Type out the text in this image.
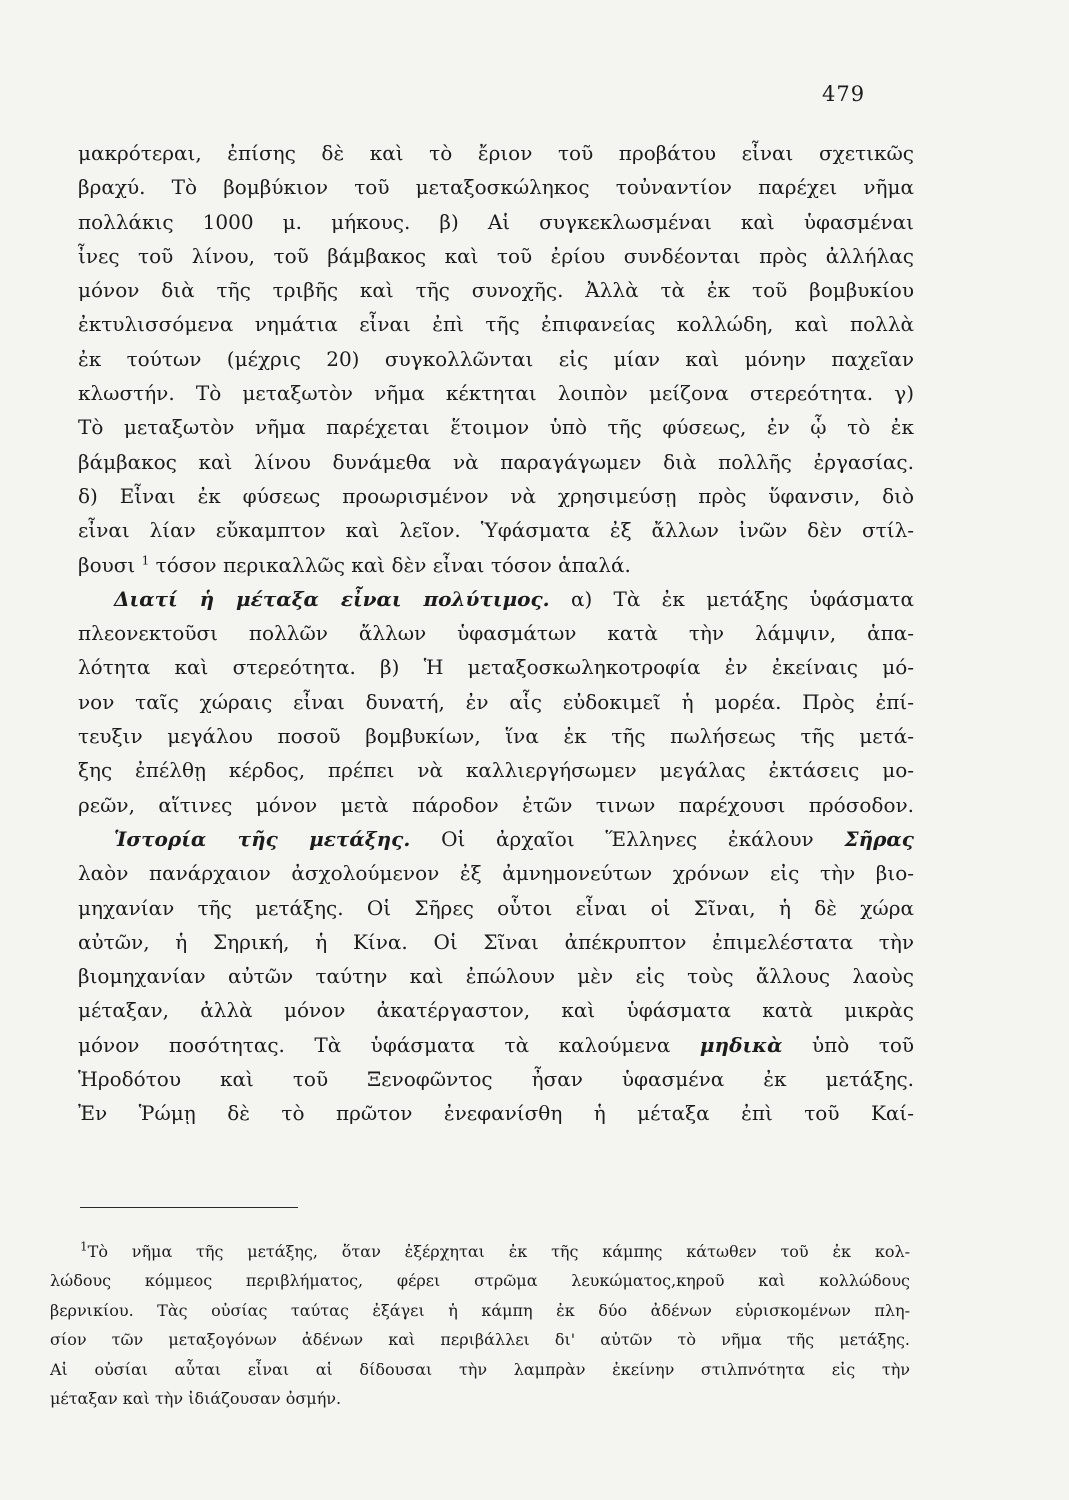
479
μακρότεραι, ἐπίσης δὲ καὶ τὸ ἔριον τοῦ προβάτου εἶναι σχετικῶς
βραχύ. Τὸ βομβύκιον τοῦ μεταξοσκώληκος τοὐναντίον παρέχει νῆμα
πολλάκις 1000 μ. μήκους. β) Αἱ συγκεκλωσμέναι καὶ ὑφασμέναι
ἶνες τοῦ λίνου, τοῦ βάμβακος καὶ τοῦ ἐρίου συνδέονται πρὸς ἀλλήλας
μόνον διὰ τῆς τριβῆς καὶ τῆς συνοχῆς. Ἀλλὰ τὰ ἐκ τοῦ βομβυκίου
ἐκτυλισσόμενα νημάτια εἶναι ἐπὶ τῆς ἐπιφανείας κολλώδη, καὶ πολλὰ
ἐκ τούτων (μέχρις 20) συγκολλῶνται εἰς μίαν καὶ μόνην παχεῖαν
κλωστήν. Τὸ μεταξωτὸν νῆμα κέκτηται λοιπὸν μείζονα στερεότητα. γ)
Τὸ μεταξωτὸν νῆμα παρέχεται ἕτοιμον ὑπὸ τῆς φύσεως, ἐν ᾧ τὸ ἐκ
βάμβακος καὶ λίνου δυνάμεθα νὰ παραγάγωμεν διὰ πολλῆς ἐργασίας.
δ) Εἶναι ἐκ φύσεως προωρισμένον νὰ χρησιμεύσῃ πρὸς ὕφανσιν, διὸ
εἶναι λίαν εὔκαμπτον καὶ λεῖον. Ὑφάσματα ἐξ ἄλλων ἰνῶν δὲν στίλ-
βουσι $^1$ τόσον περικαλλῶς καὶ δὲν εἶναι τόσον ἁπαλά.
Διατί ἡ μέταξα εἶναι πολύτιμος. α) Τὰ ἐκ μετάξης ὑφάσματα
πλεονεκτοῦσι πολλῶν ἄλλων ὑφασμάτων κατὰ τὴν λάμψιν, ἁπα-
λότητα καὶ στερεότητα. β) Ἡ μεταξοσκωληκοτροφία ἐν ἐκείναις μό-
νον ταῖς χώραις εἶναι δυνατή, ἐν αἷς εὐδοκιμεῖ ἡ μορέα. Πρὸς ἐπί-
τευξιν μεγάλου ποσοῦ βομβυκίων, ἵνα ἐκ τῆς πωλήσεως τῆς μετά-
ξης ἐπέλθῃ κέρδος, πρέπει νὰ καλλιεργήσωμεν μεγάλας ἐκτάσεις μο-
ρεῶν, αἵτινες μόνον μετὰ πάροδον ἐτῶν τινων παρέχουσι πρόσοδον.
Ἱστορία τῆς μετάξης. Οἱ ἀρχαῖοι Ἕλληνες ἐκάλουν Σῆρας
λαὸν πανάρχαιον ἀσχολούμενον ἐξ ἀμνημονεύτων χρόνων εἰς τὴν βιο-
μηχανίαν τῆς μετάξης. Οἱ Σῆρες οὗτοι εἶναι οἱ Σῖναι, ἡ δὲ χώρα
αὐτῶν, ἡ Σηρική, ἡ Κίνα. Οἱ Σῖναι ἀπέκρυπτον ἐπιμελέστατα τὴν
βιομηχανίαν αὐτῶν ταύτην καὶ ἐπώλουν μὲν εἰς τοὺς ἄλλους λαοὺς
μέταξαν, ἀλλὰ μόνον ἀκατέργαστον, καὶ ὑφάσματα κατὰ μικρὰς
μόνον ποσότητας. Τὰ ὑφάσματα τὰ καλούμενα μηδικὰ ὑπὸ τοῦ
Ἡροδότου καὶ τοῦ Ξενοφῶντος ἦσαν ὑφασμένα ἐκ μετάξης.
Ἐν Ῥώμῃ δὲ τὸ πρῶτον ἐνεφανίσθη ἡ μέταξα ἐπὶ τοῦ Καί-
$^1$Τὸ νῆμα τῆς μετάξης, ὅταν ἐξέρχηται ἐκ τῆς κάμπης κάτωθεν τοῦ ἐκ κολ-
λώδους κόμμεος περιβλήματος, φέρει στρῶμα λευκώματος,κηροῦ καὶ κολλώδους
βερνικίου. Τὰς οὐσίας ταύτας ἐξάγει ἡ κάμπη ἐκ δύο ἀδένων εὑρισκομένων πλη-
σίον τῶν μεταξογόνων ἀδένων καὶ περιβάλλει δι' αὐτῶν τὸ νῆμα τῆς μετάξης.
Αἱ οὐσίαι αὗται εἶναι αἱ δίδουσαι τὴν λαμπρὰν ἐκείνην στιλπνότητα εἰς τὴν
μέταξαν καὶ τὴν ἰδιάζουσαν ὀσμήν.
